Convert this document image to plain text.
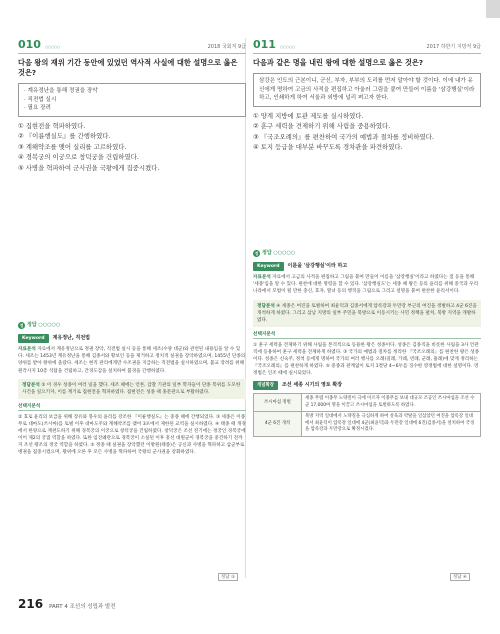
010 ○○○○○	2018 국회직 9급
다음 왕의 재위 기간 동안에 있었던 역사적 사실에 대한 설명으로 옳은 것은?
· 계유정난을 통해 정권을 장악
· 직전법 실시
· 필요 장려
① 집현전을 혁파하였다.
② 『이륜행실도』를 간행하였다.
③ 계해약조를 맺어 실리를 고르하였다.
④ 경복궁의 이궁으로 창덕궁을 건립하였다.
⑤ 사병을 혁파하여 군사권을 국왕에게 집중시켰다.
011 ○○○○○	2017 하반기 지방직 9급
다음과 같은 명을 내린 왕에 대한 설명으로 옳은 것은?
삼강은 인도의 근본이니, 군신, 부자, 부부의 도리를 먼저 알아야 할 것이다. 이에 내가 유신에게 명하여 고금의 사적을 편집하고 아울러 그림을 붙여 만들어 이름을 '삼강행실'이라 하고, 인쇄하게 하여 서울과 외방에 널리 펴고자 한다.
① 양계 지방에 토관 제도를 실시하였다.
② 훈구 세력을 견제하기 위해 사림을 중용하였다.
③ 『국조오례의』를 편찬하여 국가의 예법과 절차를 정비하였다.
④ 토지 등급을 대부분 바꾸도록 경차관을 파견하였다.
정 정답 ○○○○○
Keyword	계유정난, 직전법
자료분석 자료에서 계유정난으로 정권 장악, 직전법 실시 등을 통해 세조(수양 대군)와 관련된 내용임을 알 수 있다. 세조는 1453년 계유정난을 통해 김종서와 황보인 등을 제거하고 정치적 실권을 장악하였으며, 1455년 단종의 양위를 받아 왕위에 올랐다. 세조는 현직 관리에게만 수조권을 지급하는 직전법을 실시하였으며, 불교 장려를 위해 원각사지 10층 석탑을 건립하고, 간경도감을 설치하여 불경을 간행하였다.
정답분석 ③ 이 경우 성종이 여러 일을 했다. 세조 때에는 언론, 감찰 기관의 일부 학자들이 단종 복위를 도모한 사건을 일으키자, 이를 계기로 집현전을 혁파하였다. 집현전은 성종 때 홍문관으로 부활하였다.
선택지분석
② 효로 윤리의 보급을 위해 장유와 붕우의 윤리를 강조한 『이륜행실도』는 중종 때에 간행되었다. ③ 세종은 이종무로 대마도(쓰시마)를 토벌 이후 대마도주와 계해약조를 맺어 3포에서 제한된 교역을 실시하였다. ④ 태종 때 개경에서 한양으로 재천도하기 위해 경복궁의 이궁으로 창덕궁을 건립하였다. 창덕궁은 조선 전기에는 정궁인 경복궁에 이어 제2의 궁궐 역할을 하였다. 또한 임진왜란으로 경복궁이 소실된 이후 흥선 대원군이 경복궁을 중건하기 전까지 조선 왕조의 정궁 역할을 하였다. ⑤ 정종 때 실권을 장악했던 이방원(태종)은 공신과 사병을 혁파하고 삼군부로 병권을 집중시켰으며, 왕위에 오른 후 모든 사병을 혁파하여 국왕의 군사권을 강화하였다.
정답 ③
정 정답 ○○○○○
Keyword	이륜을 '삼강행실'이라 하고
자료분석 자료에서 고금의 사적을 편집하고 그림을 붙여 만들어 이름을 '삼강행실'이라고 하였다는 점 등을 통해 '세종'임을 알 수 있다. 편찬에 대한 명령을 할 수 있다. '삼강행실도'는 세종 때 왕은 등의 윤리를 위해 중국과 우리나라에서 모범이 될 만한 충신, 효자, 열녀 등의 행적을 그림으로 그리고 설명을 붙여 편찬한 윤리서이다.
정답분석 ④ 세종은 여진을 토벌하여 최윤덕과 김종서에게 압록강과 두만강 부근의 여진을 정벌하고 4군 6진을 개척하게 하였다. 그리고 삼남 지방의 일부 주민을 북방으로 이동시키는 사민 정책을 펼쳐, 북방 지역을 개발하였다.
선택지분석
① 훈구 세력을 견제하기 위해 사림을 본격적으로 등용한 왕은 성종이다. 성종은 김종직을 비롯한 사림을 3사 언관직에 등용하여 훈구 세력을 견제하게 하였다. ③ 국가의 예법과 절차를 정리한 『국조오례의』를 편찬한 왕은 성종이다. 성종은 신숙주, 정척 등에게 명하여 국가의 여러 행사를 오례(길례, 가례, 빈례, 군례, 흉례)에 맞게 정리하는 『국조오례의』를 편찬하게 하였다. ⑤ 중종과 관계없이 토지 1결당 4~6두를 징수한 영정법에 대한 설명이다. 영정법은 인조 때에 실시되었다.
개념확장	조선 세종 시기의 영토 확장
쓰시마섬 정벌	세종 무렵 이종무 노략질이 극에 이르자 이종무를 보내 대규모 조공인 쓰시마섬을 조선 수군 17,000여 명을 이끌고 쓰시마섬을 토벌하도록 하였다.
4군 6진 개척	북방 지역 일대에서 노략질을 극심하게 하여 살육과 약탈을 일삼았던 여진을 압록강 일대에서 최윤덕이 압록강 일대에 4군(최윤덕)과 두만강 일대에 6진(김종서)을 설치하여 국경을 압록강과 두만강으로 확정시켰다.
정답 ④
216 PART 4 조선의 성립과 발전
